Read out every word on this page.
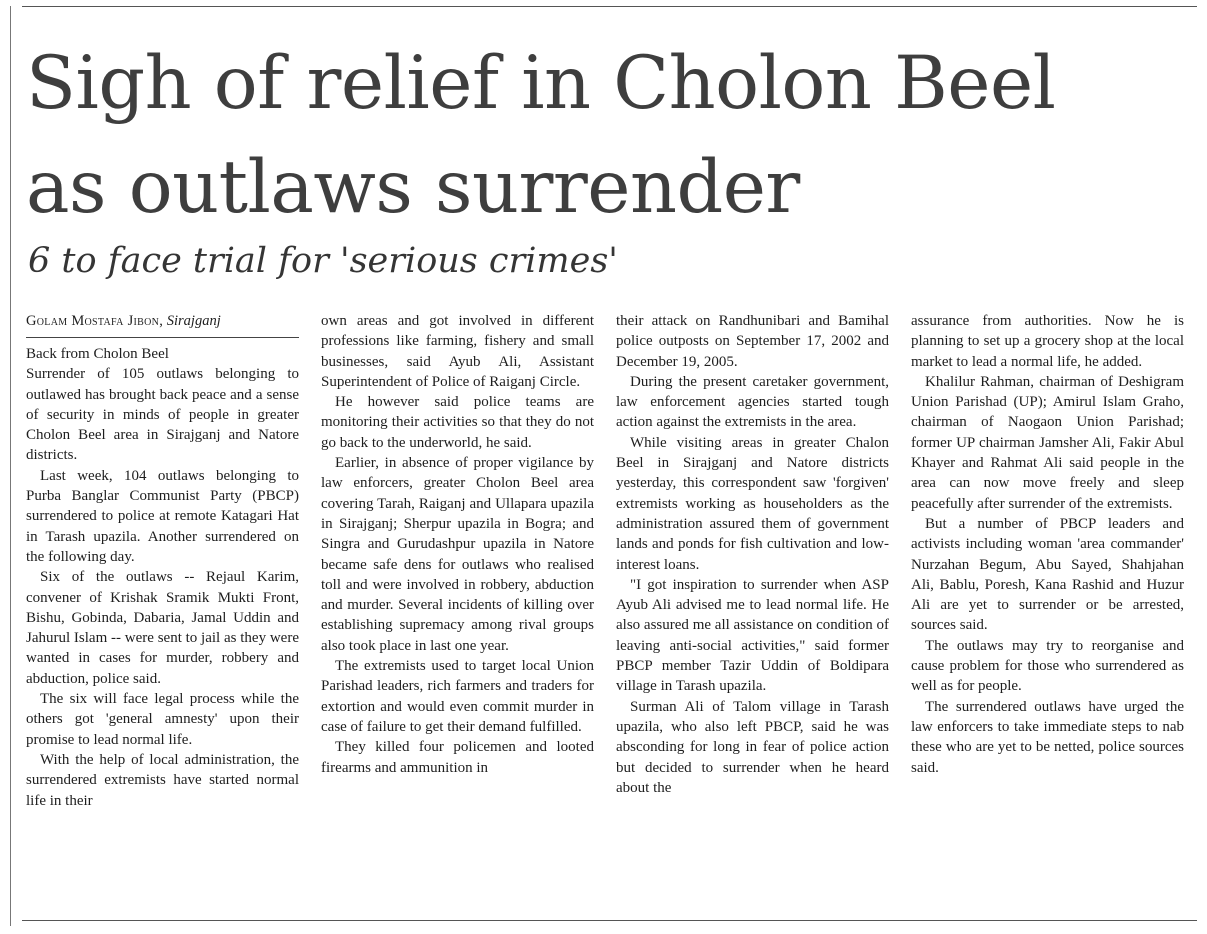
Sigh of relief in Cholon Beel
as outlaws surrender
6 to face trial for 'serious crimes'
Golam Mostafa Jibon, Sirajganj

Back from Cholon Beel

Surrender of 105 outlaws belonging to outlawed has brought back peace and a sense of security in minds of people in greater Cholon Beel area in Sirajganj and Natore districts.

Last week, 104 outlaws belonging to Purba Banglar Communist Party (PBCP) surrendered to police at remote Katagari Hat in Tarash upazila. Another surrendered on the following day.

Six of the outlaws -- Rejaul Karim, convener of Krishak Sramik Mukti Front, Bishu, Gobinda, Dabaria, Jamal Uddin and Jahurul Islam -- were sent to jail as they were wanted in cases for murder, robbery and abduction, police said.

The six will face legal process while the others got 'general amnesty' upon their promise to lead normal life.

With the help of local administration, the surrendered extremists have started normal life in their

own areas and got involved in different professions like farming, fishery and small businesses, said Ayub Ali, Assistant Superintendent of Police of Raiganj Circle.

He however said police teams are monitoring their activities so that they do not go back to the underworld, he said.

Earlier, in absence of proper vigilance by law enforcers, greater Cholon Beel area covering Tarah, Raiganj and Ullapara upazila in Sirajganj; Sherpur upazila in Bogra; and Singra and Gurudashpur upazila in Natore became safe dens for outlaws who realised toll and were involved in robbery, abduction and murder. Several incidents of killing over establishing supremacy among rival groups also took place in last one year.

The extremists used to target local Union Parishad leaders, rich farmers and traders for extortion and would even commit murder in case of failure to get their demand fulfilled.

They killed four policemen and looted firearms and ammunition in

their attack on Randhunibari and Bamihal police outposts on September 17, 2002 and December 19, 2005.

During the present caretaker government, law enforcement agencies started tough action against the extremists in the area.

While visiting areas in greater Chalon Beel in Sirajganj and Natore districts yesterday, this correspondent saw 'forgiven' extremists working as householders as the administration assured them of government lands and ponds for fish cultivation and low-interest loans.

"I got inspiration to surrender when ASP Ayub Ali advised me to lead normal life. He also assured me all assistance on condition of leaving anti-social activities," said former PBCP member Tazir Uddin of Boldipara village in Tarash upazila.

Surman Ali of Talom village in Tarash upazila, who also left PBCP, said he was absconding for long in fear of police action but decided to surrender when he heard about the

assurance from authorities. Now he is planning to set up a grocery shop at the local market to lead a normal life, he added.

Khalilur Rahman, chairman of Deshigram Union Parishad (UP); Amirul Islam Graho, chairman of Naogaon Union Parishad; former UP chairman Jamsher Ali, Fakir Abul Khayer and Rahmat Ali said people in the area can now move freely and sleep peacefully after surrender of the extremists.

But a number of PBCP leaders and activists including woman 'area commander' Nurzahan Begum, Abu Sayed, Shahjahan Ali, Bablu, Poresh, Kana Rashid and Huzur Ali are yet to surrender or be arrested, sources said.

The outlaws may try to reorganise and cause problem for those who surrendered as well as for people.

The surrendered outlaws have urged the law enforcers to take immediate steps to nab these who are yet to be netted, police sources said.
